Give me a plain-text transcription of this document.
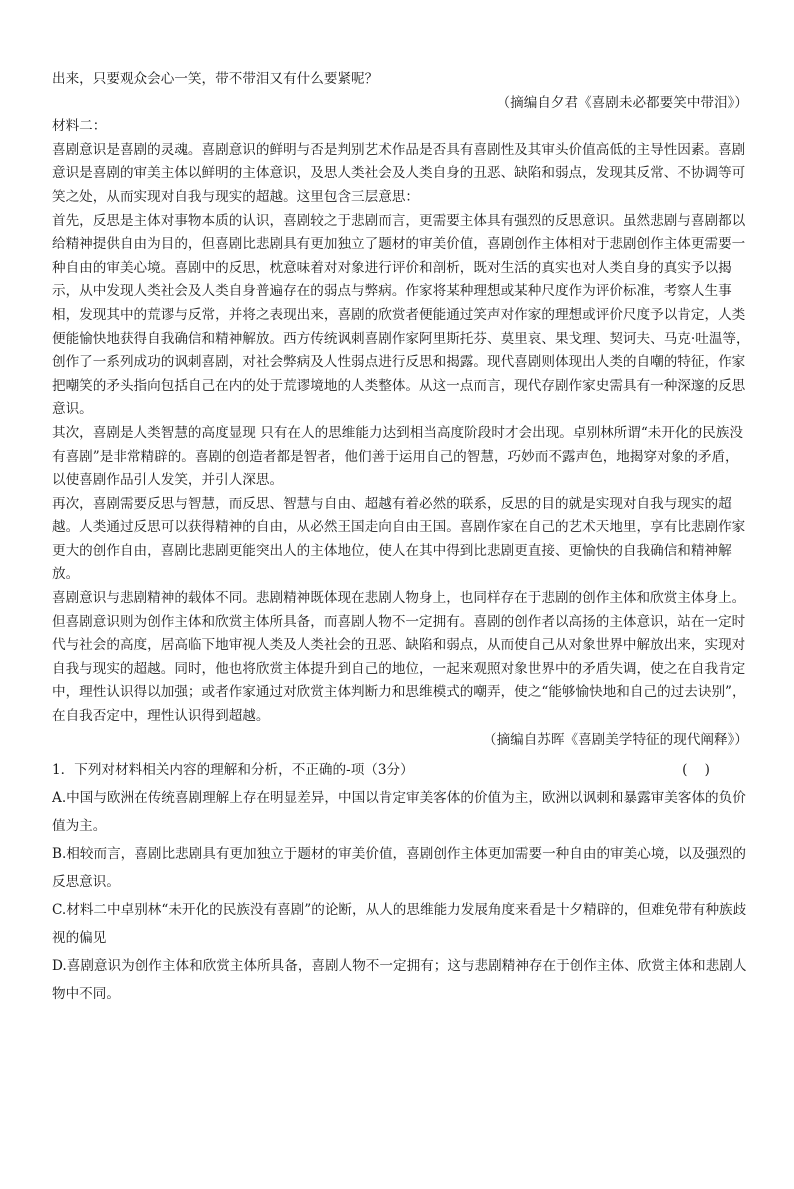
出来，只要观众会心一笑，带不带泪又有什么要紧呢？

（摘编自夕君《喜剧未必都要笑中带泪》）

材料二：

喜剧意识是喜剧的灵魂。喜剧意识的鲜明与否是判别艺术作品是否具有喜剧性及其审头价值高低的主导性因素。喜剧意识是喜剧的审美主体以鲜明的主体意识，及思人类社会及人类自身的丑恶、缺陷和弱点，发现其反常、不协调等可笑之处，从而实现对自我与现实的超越。这里包含三层意思：

首先，反思是主体对事物本质的认识，喜剧较之于悲剧而言，更需要主体具有强烈的反思意识。虽然悲剧与喜剧都以给精神提供自由为目的，但喜剧比悲剧具有更加独立了题材的审美价值，喜剧创作主体相对于悲剧创作主体更需要一种自由的审美心境。喜剧中的反思，枕意味着对对象进行评价和剖析，既对生活的真实也对人类自身的真实予以揭示，从中发现人类社会及人类自身普遍存在的弱点与弊病。作家将某种理想或某种尺度作为评价标准，考察人生事相，发现其中的荒谬与反常，并将之表现出来，喜剧的欣赏者便能通过笑声对作家的理想或评价尺度予以肯定，人类便能愉快地获得自我确信和精神解放。西方传统讽刺喜剧作家阿里斯托芬、莫里哀、果戈理、契诃夫、马克·吐温等，创作了一系列成功的讽刺喜剧，对社会弊病及人性弱点进行反思和揭露。现代喜剧则体现出人类的自嘲的特征，作家把嘲笑的矛头指向包括自己在内的处于荒谬境地的人类整体。从这一点而言，现代存剧作家史需具有一种深邃的反思意识。

其次，喜剧是人类智慧的高度显现 只有在人的思维能力达到相当高度阶段时才会出现。卓别林所谓“未开化的民族没有喜剧”是非常精辟的。喜剧的创造者都是智者，他们善于运用自己的智慧，巧妙而不露声色，地揭穿对象的矛盾，以使喜剧作品引人发笑，并引人深思。

再次，喜剧需要反思与智慧，而反思、智慧与自由、超越有着必然的联系，反思的目的就是实现对自我与现实的超越。人类通过反思可以获得精神的自由，从必然王国走向自由王国。喜剧作家在自己的艺术天地里，享有比悲剧作家更大的创作自由，喜剧比悲剧更能突出人的主体地位，使人在其中得到比悲剧更直接、更愉快的自我确信和精神解放。

喜剧意识与悲剧精神的载体不同。悲剧精神既体现在悲剧人物身上，也同样存在于悲剧的创作主体和欣赏主体身上。但喜剧意识则为创作主体和欣赏主体所具备，而喜剧人物不一定拥有。喜剧的创作者以高扬的主体意识，站在一定时代与社会的高度，居高临下地审视人类及人类社会的丑恶、缺陷和弱点，从而使自己从对象世界中解放出来，实现对自我与现实的超越。同时，他也将欣赏主体提升到自己的地位，一起来观照对象世界中的矛盾失调，使之在自我肯定中，理性认识得以加强；或者作家通过对欣赏主体判断力和思维模式的嘲弄，使之“能够愉快地和自己的过去诀别”，在自我否定中，理性认识得到超越。

（摘编自苏晖《喜剧美学特征的现代阐释》）

1．下列对材料相关内容的理解和分析，不正确的-项（3分）	(    )

A.中国与欧洲在传统喜剧理解上存在明显差异，中国以肯定审美客体的价值为主，欧洲以讽刺和暴露审美客体的负价值为主。

B.相较而言，喜剧比悲剧具有更加独立于题材的审美价值，喜剧创作主体更加需要一种自由的审美心境，以及强烈的反思意识。

C.材料二中卓别林“未开化的民族没有喜剧”的论断，从人的思维能力发展角度来看是十夕精辟的，但难免带有种族歧视的偏见

D.喜剧意识为创作主体和欣赏主体所具备，喜剧人物不一定拥有；这与悲剧精神存在于创作主体、欣赏主体和悲剧人物中不同。
